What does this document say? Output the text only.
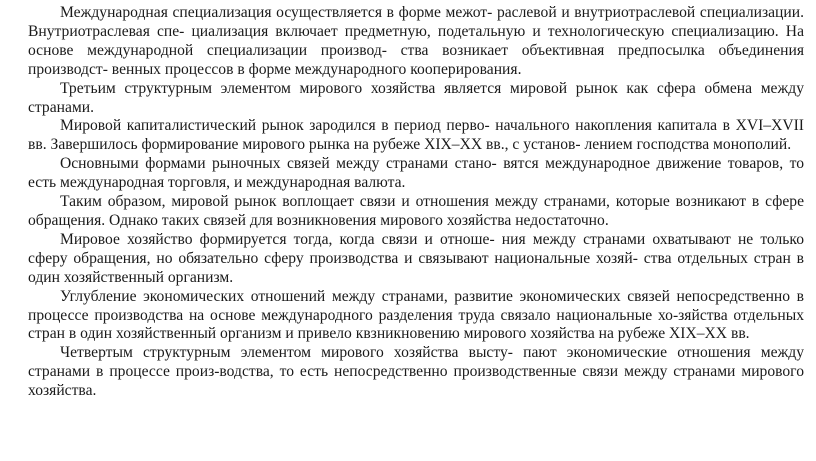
Международная специализация осуществляется в форме межот- раслевой и внутриотраслевой специализации. Внутриотраслевая спе- циализация включает предметную, подетальную и технологическую специализацию. На основе международной специализации производ- ства возникает объективная предпосылка объединения производст- венных процессов в форме международного кооперирования.

Третьим структурным элементом мирового хозяйства является мировой рынок как сфера обмена между странами.

Мировой капиталистический рынок зародился в период перво- начального накопления капитала в XVI–XVII вв. Завершилось формирование мирового рынка на рубеже XIX–XX вв., с установ- лением господства монополий.

Основными формами рыночных связей между странами стано- вятся международное движение товаров, то есть международная торговля, и международная валюта.

Таким образом, мировой рынок воплощает связи и отношения между странами, которые возникают в сфере обращения. Однако таких связей для возникновения мирового хозяйства недостаточно.

Мировое хозяйство формируется тогда, когда связи и отноше- ния между странами охватывают не только сферу обращения, но обязательно сферу производства и связывают национальные хозяй- ства отдельных стран в один хозяйственный организм.

Углубление экономических отношений между странами, развитие экономических связей непосредственно в процессе производства на основе международного разделения труда связало национальные хо-зяйства отдельных стран в один хозяйственный организм и привело квзникновению мирового хозяйства на рубеже XIX–XX вв.

Четвертым структурным элементом мирового хозяйства высту- пают экономические отношения между странами в процессе произ-водства, то есть непосредственно производственные связи между странами мирового хозяйства.
